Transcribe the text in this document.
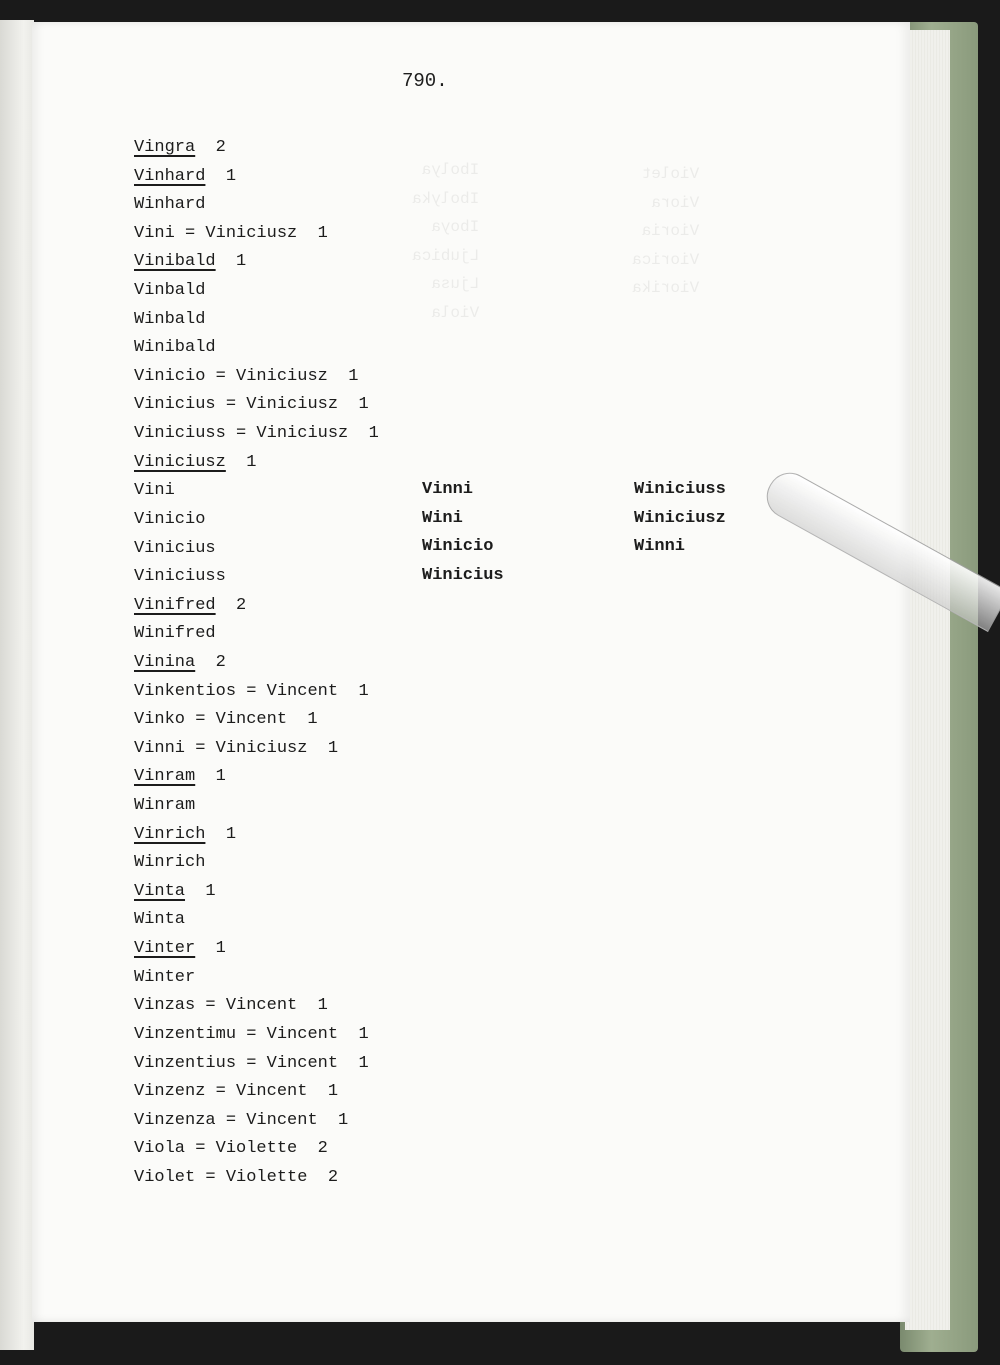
790.
Ibolya
Ibolyka
Iboya
Ljubica
Ljusa
Viola
Violet
Viora
Vioria
Viorica
Viorika
Vingra  2
Vinhard  1
Winhard
Vini = Viniciusz  1
Vinibald  1
Vinbald
Winbald
Winibald
Vinicio = Viniciusz  1
Vinicius = Viniciusz  1
Viniciuss = Viniciusz  1
Viniciusz  1
Vini
Vinicio
Vinicius
Viniciuss
Vinifred  2
Winifred
Vinina  2
Vinkentios = Vincent  1
Vinko = Vincent  1
Vinni = Viniciusz  1
Vinram  1
Winram
Vinrich  1
Winrich
Vinta  1
Winta
Vinter  1
Winter
Vinzas = Vincent  1
Vinzentimu = Vincent  1
Vinzentius = Vincent  1
Vinzenz = Vincent  1
Vinzenza = Vincent  1
Viola = Violette  2
Violet = Violette  2
Vinni
Wini
Winicio
Winicius
Winiciuss
Winiciusz
Winni
